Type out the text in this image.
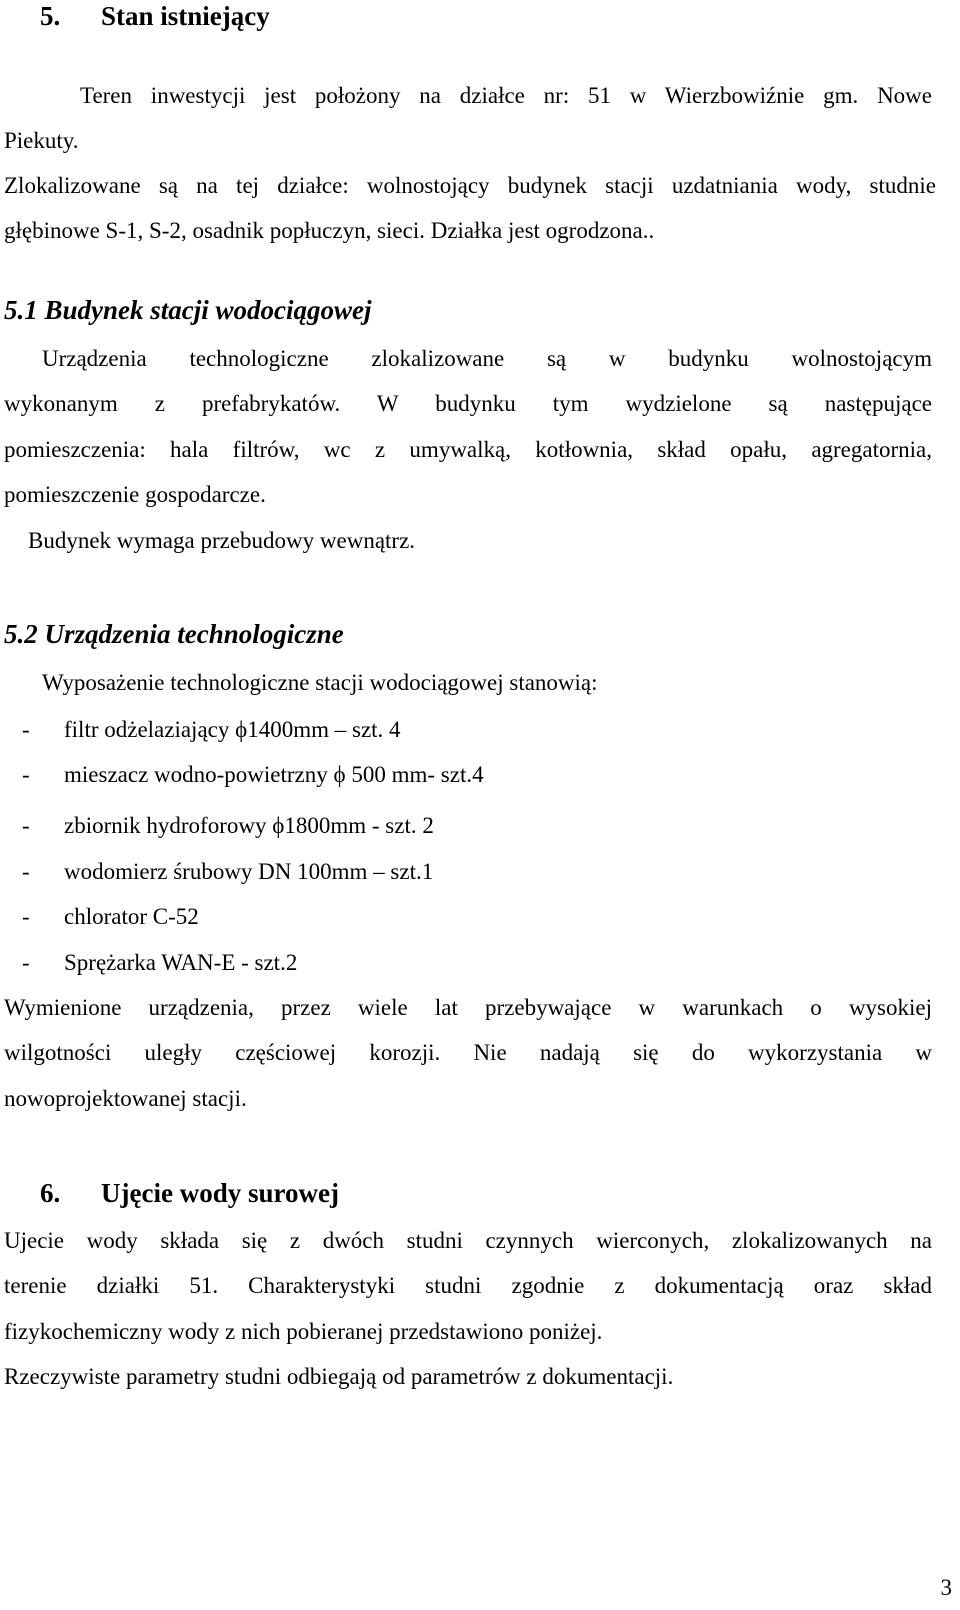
5. Stan istniejący
Teren inwestycji jest położony na działce nr: 51 w Wierzbowiźnie gm. Nowe
Piekuty.
Zlokalizowane są na tej działce: wolnostojący budynek stacji uzdatniania wody, studnie
głębinowe S-1, S-2, osadnik popłuczyn, sieci. Działka jest ogrodzona..
5.1 Budynek stacji wodociągowej
Urządzenia technologiczne zlokalizowane są w budynku wolnostojącym
wykonanym z prefabrykatów. W budynku tym wydzielone są następujące
pomieszczenia: hala filtrów, wc z umywalką, kotłownia, skład opału, agregatornia,
pomieszczenie gospodarcze.
Budynek wymaga przebudowy wewnątrz.
5.2 Urządzenia technologiczne
Wyposażenie technologiczne stacji wodociągowej stanowią:
- filtr odżelaziający ϕ1400mm – szt. 4
- mieszacz wodno-powietrzny ϕ 500 mm- szt.4
- zbiornik hydroforowy ϕ1800mm - szt. 2
- wodomierz śrubowy DN 100mm – szt.1
- chlorator C-52
- Sprężarka WAN-E - szt.2
Wymienione urządzenia, przez wiele lat przebywające w warunkach o wysokiej
wilgotności uległy częściowej korozji. Nie nadają się do wykorzystania w
nowoprojektowanej stacji.
6. Ujęcie wody surowej
Ujecie wody składa się z dwóch studni czynnych wierconych, zlokalizowanych na
terenie działki 51. Charakterystyki studni zgodnie z dokumentacją oraz skład
fizykochemiczny wody z nich pobieranej przedstawiono poniżej.
Rzeczywiste parametry studni odbiegają od parametrów z dokumentacji.
3
